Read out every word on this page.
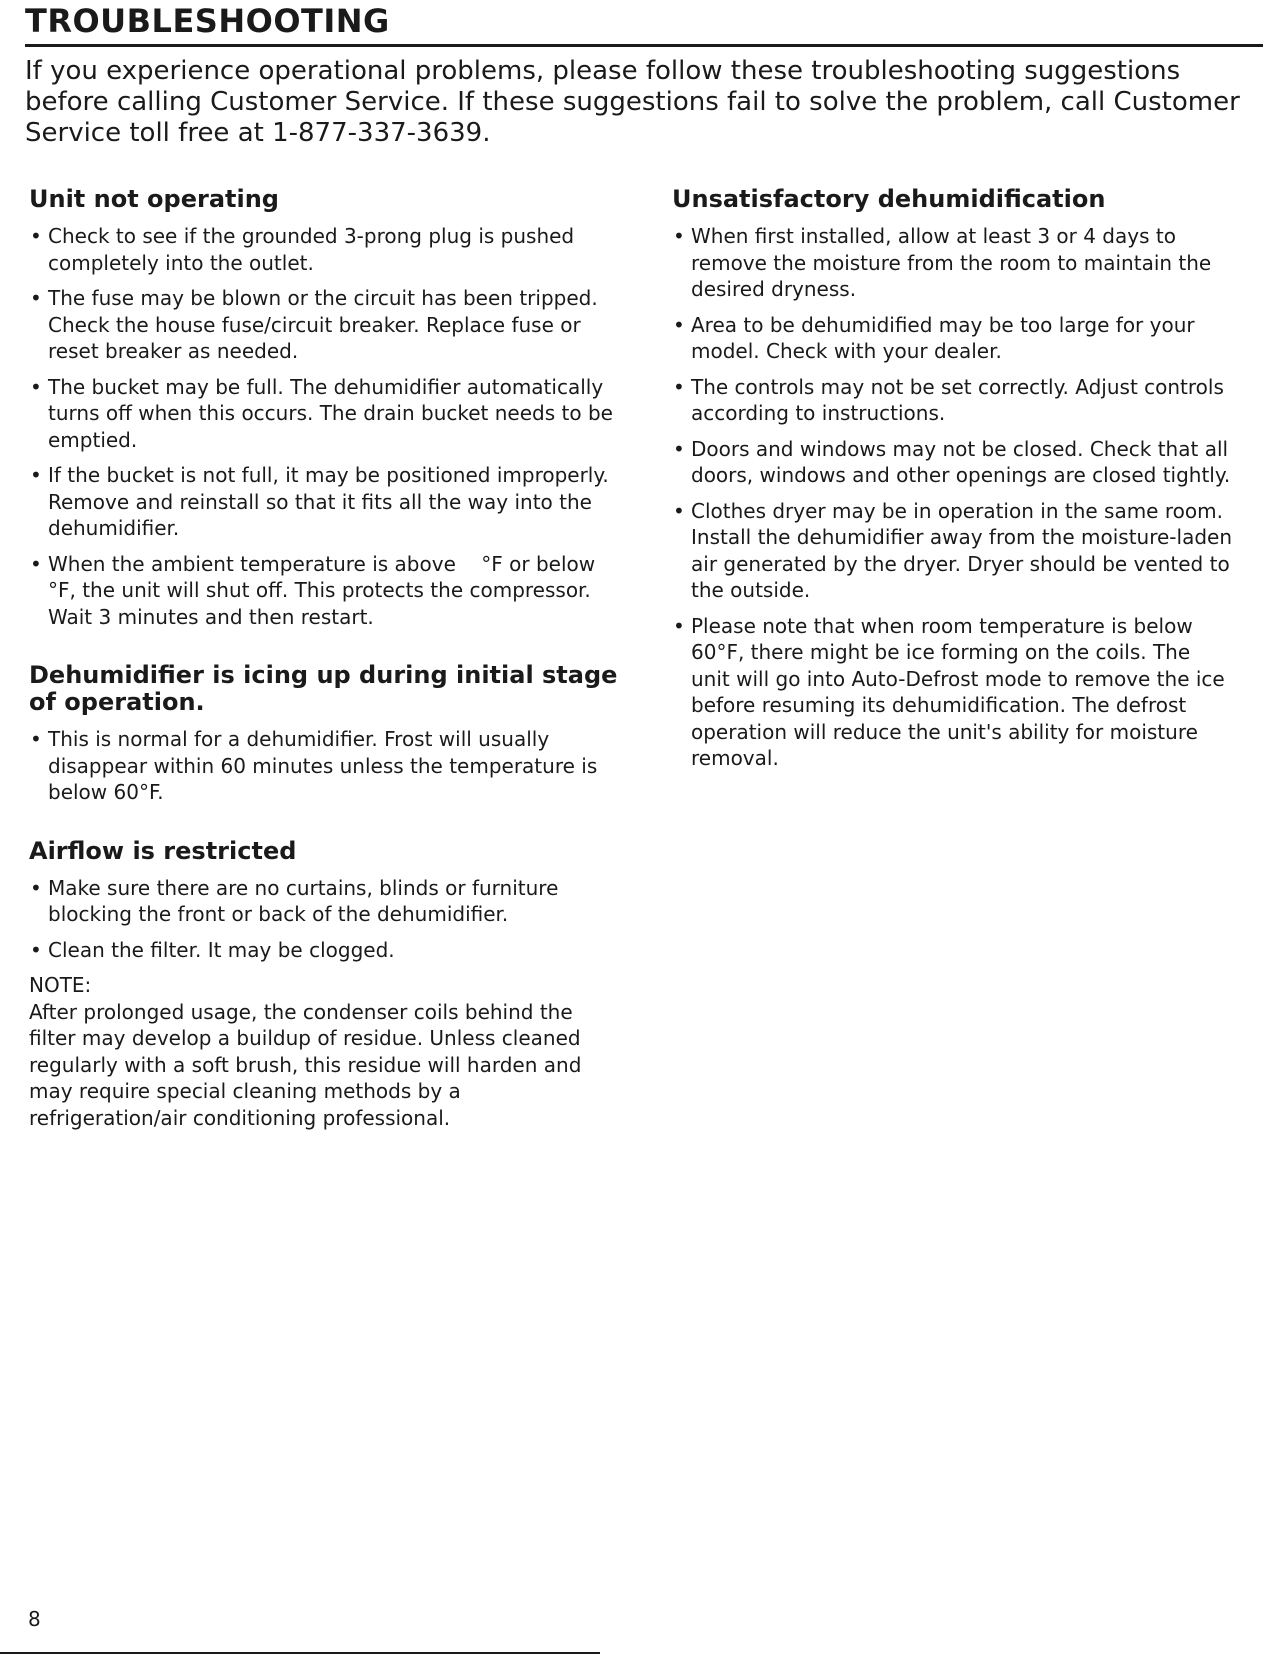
TROUBLESHOOTING
If you experience operational problems, please follow these troubleshooting suggestions before calling Customer Service. If these suggestions fail to solve the problem, call Customer Service toll free at 1-877-337-3639.
Unit not operating
• Check to see if the grounded 3-prong plug is pushed completely into the outlet.
• The fuse may be blown or the circuit has been tripped. Check the house fuse/circuit breaker. Replace fuse or reset breaker as needed.
• The bucket may be full. The dehumidifier automatically turns off when this occurs. The drain bucket needs to be emptied.
• If the bucket is not full, it may be positioned improperly. Remove and reinstall so that it fits all the way into the dehumidifier.
• When the ambient temperature is above    °F or below    °F, the unit will shut off. This protects the compressor. Wait 3 minutes and then restart.
Dehumidifier is icing up during initial stage of operation.
• This is normal for a dehumidifier. Frost will usually disappear within 60 minutes unless the temperature is below 60°F.
Airflow is restricted
• Make sure there are no curtains, blinds or furniture blocking the front or back of the dehumidifier.
• Clean the filter. It may be clogged.
NOTE:
After prolonged usage, the condenser coils behind the filter may develop a buildup of residue. Unless cleaned regularly with a soft brush, this residue will harden and may require special cleaning methods by a refrigeration/air conditioning professional.
Unsatisfactory dehumidification
• When first installed, allow at least 3 or 4 days to remove the moisture from the room to maintain the desired dryness.
• Area to be dehumidified may be too large for your model. Check with your dealer.
• The controls may not be set correctly. Adjust controls according to instructions.
• Doors and windows may not be closed. Check that all doors, windows and other openings are closed tightly.
• Clothes dryer may be in operation in the same room. Install the dehumidifier away from the moisture-laden air generated by the dryer. Dryer should be vented to the outside.
• Please note that when room temperature is below 60°F, there might be ice forming on the coils. The unit will go into Auto-Defrost mode to remove the ice before resuming its dehumidification. The defrost operation will reduce the unit's ability for moisture removal.
8
